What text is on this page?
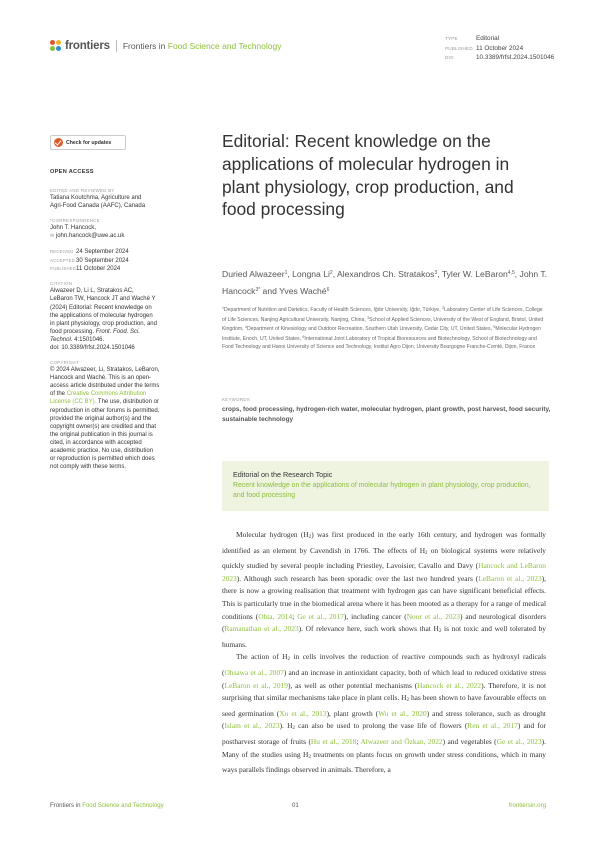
frontiers Frontiers in Food Science and Technology
TYPE	Editorial
PUBLISHED 11 October 2024
DOI	10.3389/frfst.2024.1501046
Check for updates
OPEN ACCESS
EDITED AND REVIEWED BY
Tatiana Koutchma, Agriculture and Agri-Food Canada (AAFC), Canada
*CORRESPONDENCE
John T. Hancock,
✉ john.hancock@uwe.ac.uk
RECEIVED 24 September 2024
ACCEPTED30 September 2024
PUBLISHED11 October 2024
CITATION
Alwazeer D, Li L, Stratakos AC, LeBaron TW, Hancock JT and Waché Y (2024) Editorial: Recent knowledge on the applications of molecular hydrogen in plant physiology, crop production, and food processing. Front. Food. Sci. Technol. 4:1501046.
doi: 10.3389/frfst.2024.1501046
COPYRIGHT
© 2024 Alwazeer, Li, Stratakos, LeBaron, Hancock and Waché. This is an open-access article distributed under the terms of the Creative Commons Attribution License (CC BY). The use, distribution or reproduction in other forums is permitted, provided the original author(s) and the copyright owner(s) are credited and that the original publication in this journal is cited, in accordance with accepted academic practice. No use, distribution or reproduction is permitted which does not comply with these terms.
Editorial: Recent knowledge on the applications of molecular hydrogen in plant physiology, crop production, and food processing
Duried Alwazeer$^1$, Longna Li$^2$, Alexandros Ch. Stratakos$^3$, Tyler W. LeBaron$^{4,5}$, John T. Hancock$^{3*}$ and Yves Waché$^6$
$^1$Department of Nutrition and Dietetics, Faculty of Health Sciences, Iğdır University, Iğdır, Türkiye, $^2$Laboratory Center of Life Sciences, College of Life Sciences, Nanjing Agricultural University, Nanjing, China, $^3$School of Applied Sciences, University of the West of England, Bristol, United Kingdom, $^4$Department of Kinesiology and Outdoor Recreation, Southern Utah University, Cedar City, UT, United States, $^5$Molecular Hydrogen Institute, Enoch, UT, United States, $^6$International Joint Laboratory of Tropical Bioresources and Biotechnology, School of Biotechnology and Food Technology and Hanoi University of Science and Technology, Institut Agro Dijon, University Bourgogne Franche-Comté, Dijon, France
KEYWORDS
crops, food processing, hydrogen-rich water, molecular hydrogen, plant growth, post harvest, food security, sustainable technology
Editorial on the Research Topic
Recent knowledge on the applications of molecular hydrogen in plant physiology, crop production, and food processing

Molecular hydrogen $(H_2)$ was first produced in the early 16th century, and hydrogen was formally identified as an element by Cavendish in 1766. The effects of $H_2$ on biological systems were relatively quickly studied by several people including Priestley, Lavoisier, Cavallo and Davy (Hancock and LeBaron 2023). Although such research has been sporadic over the last two hundred years (LeBaron et al., 2023), there is now a growing realisation that treatment with hydrogen gas can have significant beneficial effects. This is particularly true in the biomedical arena where it has been mooted as a therapy for a range of medical conditions (Ohta, 2014; Ge et al., 2017), including cancer (Noor et al., 2023) and neurological disorders (Ramanathan et al., 2023). Of relevance here, such work shows that $H_2$ is not toxic and well tolerated by humans.

The action of $H_2$ in cells involves the reduction of reactive compounds such as hydroxyl radicals (Ohsawa et al., 2007) and an increase in antioxidant capacity, both of which lead to reduced oxidative stress (LeBaron et al., 2019), as well as other potential mechanisms (Hancock et al., 2022). Therefore, it is not surprising that similar mechanisms take place in plant cells. $H_2$ has been shown to have favourable effects on seed germination (Xu et al., 2013), plant growth (Wu et al., 2020) and stress tolerance, such as drought (Islam et al., 2023). $H_2$ can also be used to prolong the vase life of flowers (Ren et al., 2017) and for postharvest storage of fruits (Hu et al., 2018; Alwazeer and Özkan, 2022) and vegetables (Ge et al., 2023). Many of the studies using $H_2$ treatments on plants focus on growth under stress conditions, which in many ways parallels findings observed in animals. Therefore, a

Frontiers in Food Science and Technology	01	frontiersin.org
